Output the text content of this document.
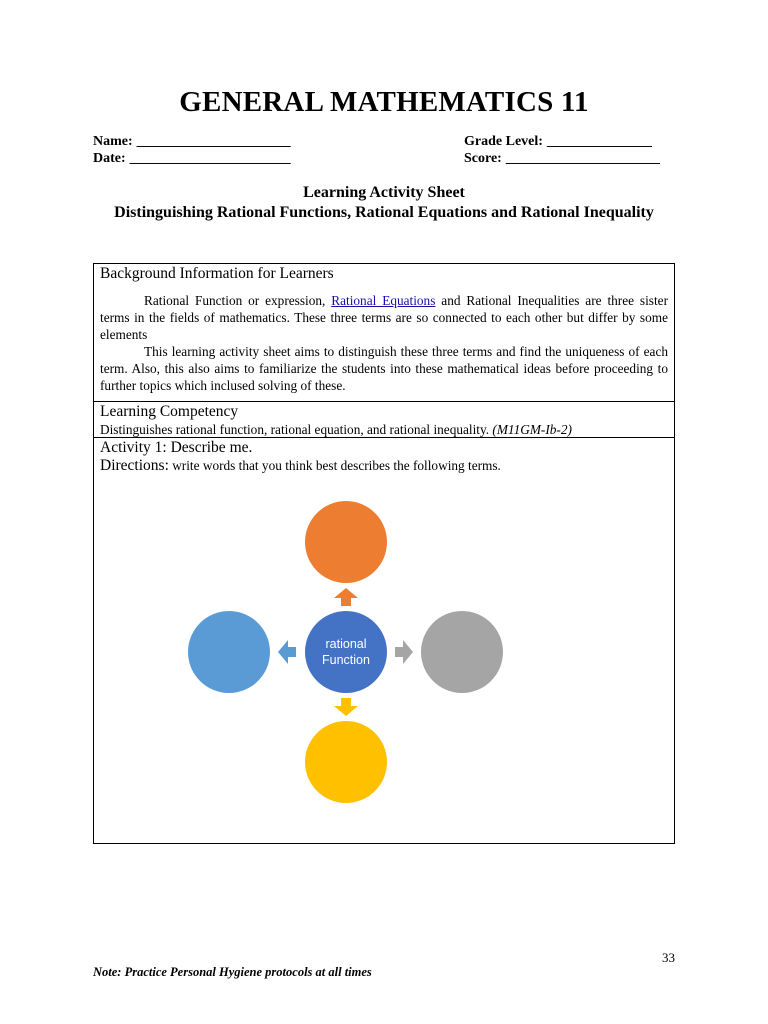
GENERAL MATHEMATICS 11
Name: ______________________
Date: _______________________
Grade Level: _______________
Score: ______________________
Learning Activity Sheet
Distinguishing Rational Functions, Rational Equations and Rational Inequality
Background Information for Learners

Rational Function or expression, Rational Equations and Rational Inequalities are three sister terms in the fields of mathematics. These three terms are so connected to each other but differ by some elements

This learning activity sheet aims to distinguish these three terms and find the uniqueness of each term. Also, this also aims to familiarize the students into these mathematical ideas before proceeding to further topics which inclused solving of these.

Learning Competency
Distinguishes rational function, rational equation, and rational inequality. (M11GM-Ib-2)
Activity 1: Describe me.
Directions: write words that you think best describes the following terms.
rational
Function
33
Note: Practice Personal Hygiene protocols at all times
